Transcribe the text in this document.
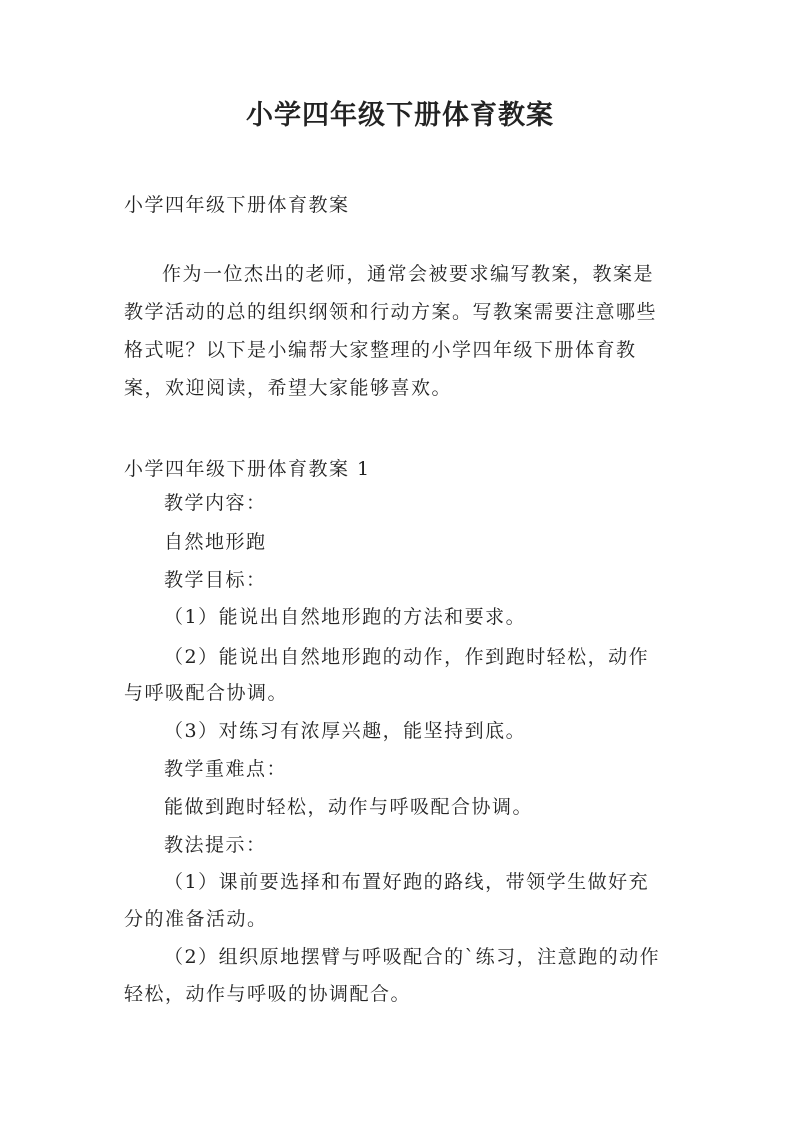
小学四年级下册体育教案
小学四年级下册体育教案
作为一位杰出的老师，通常会被要求编写教案，教案是
教学活动的总的组织纲领和行动方案。写教案需要注意哪些
格式呢？以下是小编帮大家整理的小学四年级下册体育教
案，欢迎阅读，希望大家能够喜欢。
小学四年级下册体育教案 1
教学内容：
自然地形跑
教学目标：
（1）能说出自然地形跑的方法和要求。
（2）能说出自然地形跑的动作，作到跑时轻松，动作
与呼吸配合协调。
（3）对练习有浓厚兴趣，能坚持到底。
教学重难点：
能做到跑时轻松，动作与呼吸配合协调。
教法提示：
（1）课前要选择和布置好跑的路线，带领学生做好充
分的准备活动。
（2）组织原地摆臂与呼吸配合的`练习，注意跑的动作
轻松，动作与呼吸的协调配合。
